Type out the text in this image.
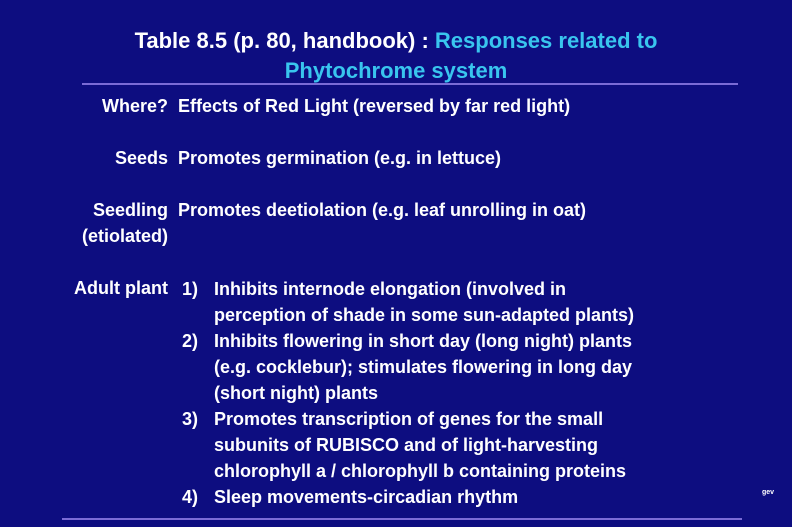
Table 8.5 (p. 80, handbook) : Responses related to
Phytochrome system
Where? Effects of Red Light (reversed by far red light)
Seeds Promotes germination (e.g. in lettuce)
Seedling
(etiolated)
Promotes deetiolation (e.g. leaf unrolling in oat)
Adult plant 1) Inhibits internode elongation (involved in
perception of shade in some sun-adapted plants)
2) Inhibits flowering in short day (long night) plants
(e.g. cocklebur); stimulates flowering in long day
(short night) plants
3) Promotes transcription of genes for the small
subunits of RUBISCO and of light-harvesting
chlorophyll a / chlorophyll b containing proteins
4) Sleep movements-circadian rhythm	gev
